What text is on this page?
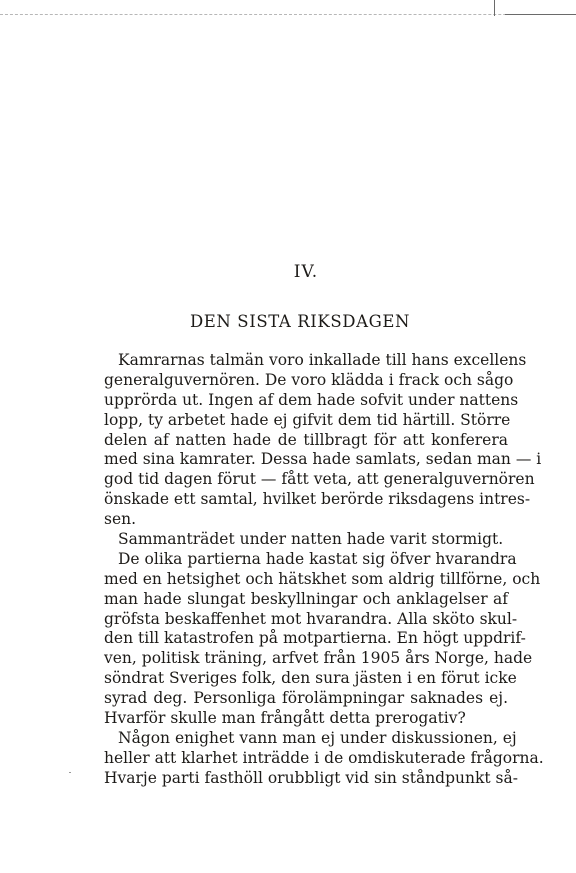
IV.
DEN SISTA RIKSDAGEN
Kamrarnas talmän voro inkallade till hans excellens
generalguvernören. De voro klädda i frack och sågo
upprörda ut. Ingen af dem hade sofvit under nattens
lopp, ty arbetet hade ej gifvit dem tid härtill. Större
delen af natten hade de tillbragt för att konferera
med sina kamrater. Dessa hade samlats, sedan man — i
god tid dagen förut — fått veta, att generalguvernören
önskade ett samtal, hvilket berörde riksdagens intres-
sen.
Sammanträdet under natten hade varit stormigt.
De olika partierna hade kastat sig öfver hvarandra
med en hetsighet och hätskhet som aldrig tillförne, och
man hade slungat beskyllningar och anklagelser af
gröfsta beskaffenhet mot hvarandra. Alla sköto skul-
den till katastrofen på motpartierna. En högt uppdrif-
ven, politisk träning, arfvet från 1905 års Norge, hade
söndrat Sveriges folk, den sura jästen i en förut icke
syrad deg. Personliga förolämpningar saknades ej.
Hvarför skulle man frångått detta prerogativ?
Någon enighet vann man ej under diskussionen, ej
heller att klarhet inträdde i de omdiskuterade frågorna.
Hvarje parti fasthöll orubbligt vid sin ståndpunkt så-
